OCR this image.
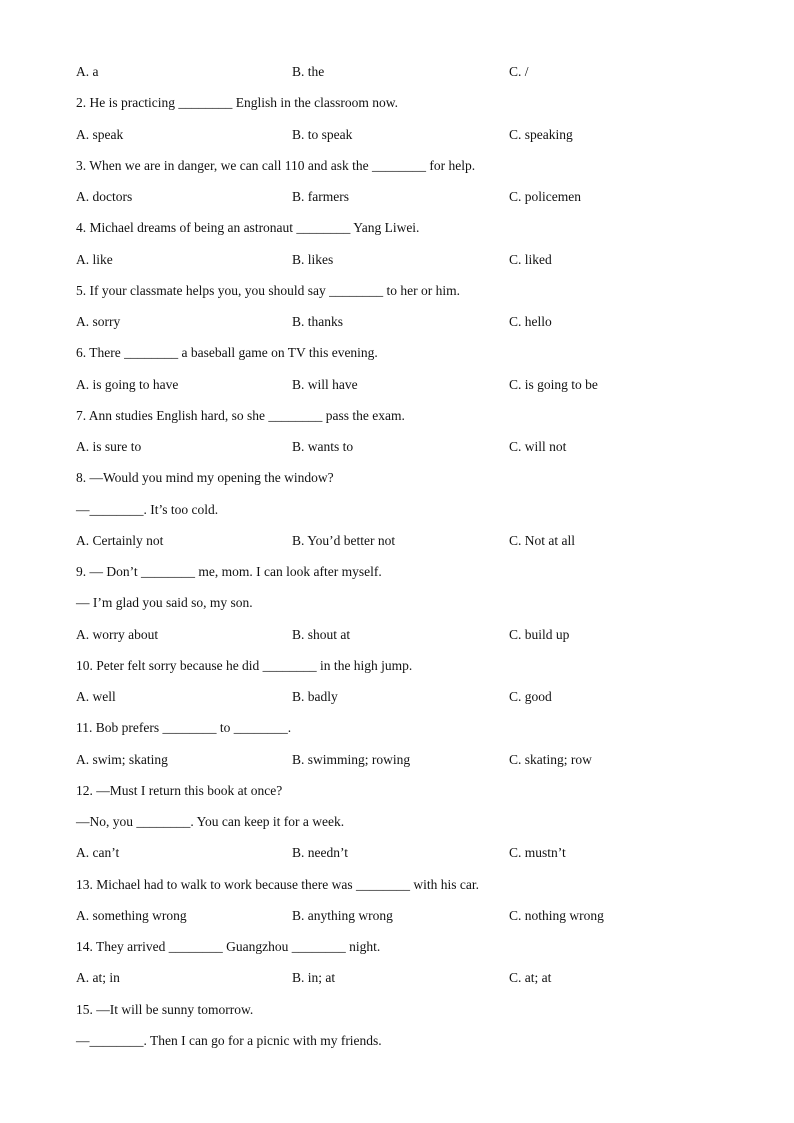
A. a	B. the	C. /
2. He is practicing ________ English in the classroom now.
A. speak	B. to speak	C. speaking
3. When we are in danger, we can call 110 and ask the ________ for help.
A. doctors	B. farmers	C. policemen
4. Michael dreams of being an astronaut ________ Yang Liwei.
A. like	B. likes	C. liked
5. If your classmate helps you, you should say ________ to her or him.
A. sorry	B. thanks	C. hello
6. There ________ a baseball game on TV this evening.
A. is going to have	B. will have	C. is going to be
7. Ann studies English hard, so she ________ pass the exam.
A. is sure to	B. wants to	C. will not
8. —Would you mind my opening the window?
—________. It’s too cold.
A. Certainly not	B. You’d better not	C. Not at all
9. — Don’t ________ me, mom. I can look after myself.
— I’m glad you said so, my son.
A. worry about	B. shout at	C. build up
10. Peter felt sorry because he did ________ in the high jump.
A. well	B. badly	C. good
11. Bob prefers ________ to ________.
A. swim; skating	B. swimming; rowing	C. skating; row
12. —Must I return this book at once?
—No, you ________. You can keep it for a week.
A. can’t	B. needn’t	C. mustn’t
13. Michael had to walk to work because there was ________ with his car.
A. something wrong	B. anything wrong	C. nothing wrong
14. They arrived ________ Guangzhou ________ night.
A. at; in	B. in; at	C. at; at
15. —It will be sunny tomorrow.
—________. Then I can go for a picnic with my friends.
